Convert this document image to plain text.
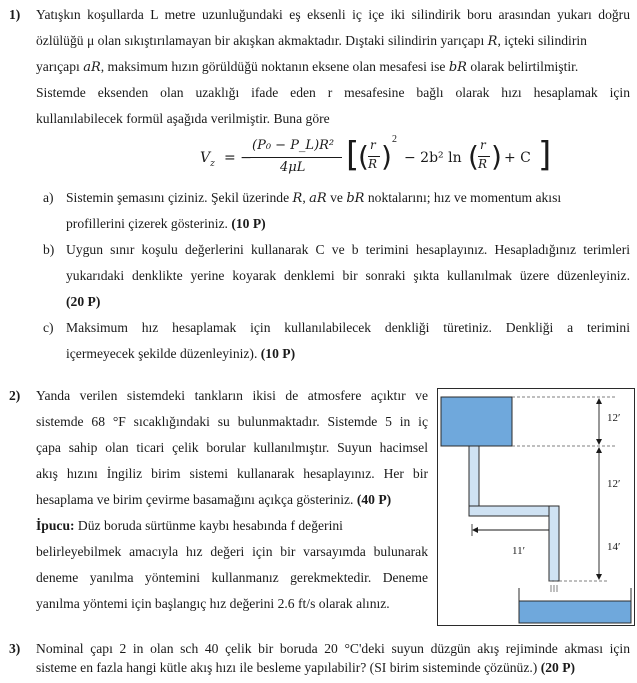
1) Yatışkın koşullarda L metre uzunluğundaki eş eksenli iç içe iki silindirik boru arasından yukarı doğru
özlülüğü μ olan sıkıştırılamayan bir akışkan akmaktadır. Dıştaki silindirin yarıçapı R, içteki silindirin
yarıçapı aR, maksimum hızın görüldüğü noktanın eksene olan mesafesi ise bR olarak belirtilmiştir.
Sistemde eksenden olan uzaklığı ifade eden r mesafesine bağlı olarak hızı hesaplamak için
kullanılabilecek formül aşağıda verilmiştir. Buna göre
$V_z$ = −
(P₀ − P_L)R²
4μL [
( r
R )
2
− 2b² ln ( r
R ) + C ]
a) Sistemin şemasını çiziniz. Şekil üzerinde R, aR ve bR noktalarını; hız ve momentum akısı
profillerini çizerek gösteriniz. (10 P)
b) Uygun sınır koşulu değerlerini kullanarak C ve b terimini hesaplayınız. Hesapladığınız terimleri
yukarıdaki denklikte yerine koyarak denklemi bir sonraki şıkta kullanılmak üzere düzenleyiniz.
(20 P)
c) Maksimum hız hesaplamak için kullanılabilecek denkliği türetiniz. Denkliği a terimini
içermeyecek şekilde düzenleyiniz). (10 P)
2) Yanda verilen sistemdeki tankların ikisi de atmosfere açıktır ve
sistemde 68 °F sıcaklığındaki su bulunmaktadır. Sistemde 5 in iç
çapa sahip olan ticari çelik borular kullanılmıştır. Suyun hacimsel
akış hızını İngiliz birim sistemi kullanarak hesaplayınız. Her bir
hesaplama ve birim çevirme basamağını açıkça gösteriniz. (40 P)
İpucu: Düz boruda sürtünme kaybı hesabında f değerini
belirleyebilmek amacıyla hız değeri için bir varsayımda bulunarak
deneme yanılma yöntemini kullanmanız gerekmektedir. Deneme
yanılma yöntemi için başlangıç hız değerini 2.6 ft/s olarak alınız.
12′
12′
14′
11′
3) Nominal çapı 2 in olan sch 40 çelik bir boruda 20 °C'deki suyun düzgün akış rejiminde akması için
sisteme en fazla hangi kütle akış hızı ile besleme yapılabilir? (SI birim sisteminde çözünüz.) (20 P)
